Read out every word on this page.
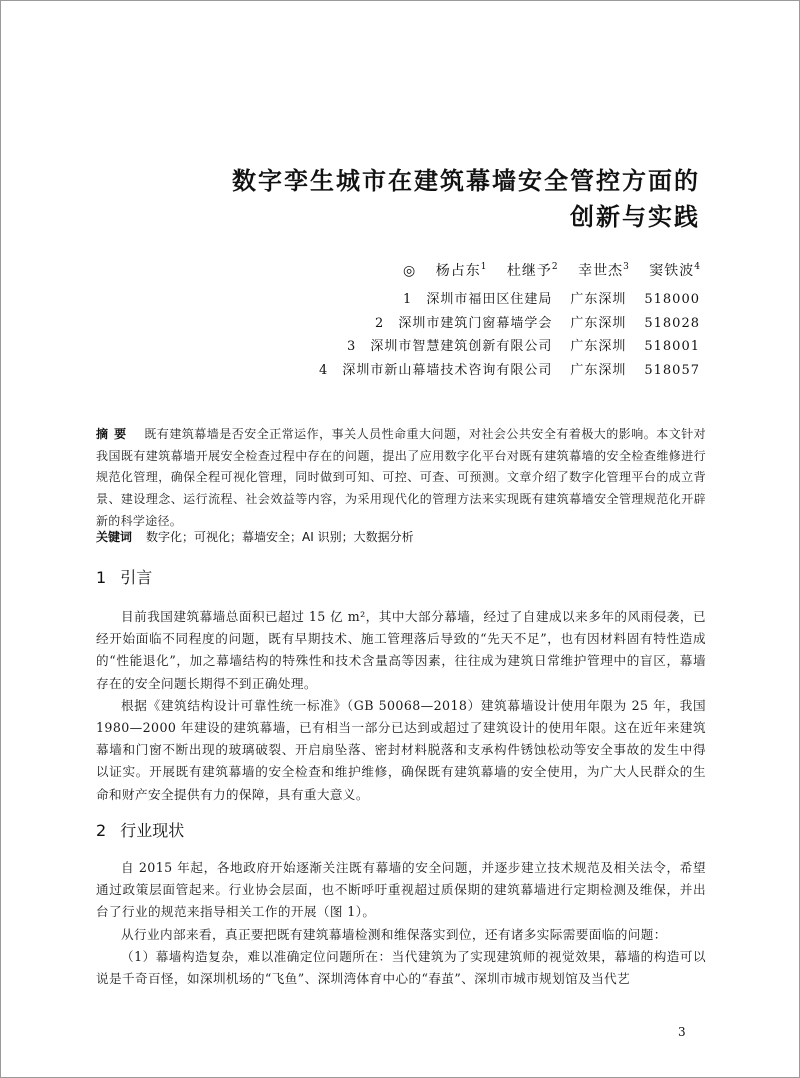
数字孪生城市在建筑幕墙安全管控方面的
创新与实践
◎ 杨占东$^1$ 杜继予$^2$ 幸世杰$^3$ 窦铁波$^4$
1 深圳市福田区住建局 广东深圳 518000
2 深圳市建筑门窗幕墙学会 广东深圳 518028
3 深圳市智慧建筑创新有限公司 广东深圳 518001
4 深圳市新山幕墙技术咨询有限公司 广东深圳 518057
摘要 既有建筑幕墙是否安全正常运作，事关人员性命重大问题，对社会公共安全有着极大的影响。本文针对我国既有建筑幕墙开展安全检查过程中存在的问题，提出了应用数字化平台对既有建筑幕墙的安全检查维修进行规范化管理，确保全程可视化管理，同时做到可知、可控、可查、可预测。文章介绍了数字化管理平台的成立背景、建设理念、运行流程、社会效益等内容，为采用现代化的管理方法来实现既有建筑幕墙安全管理规范化开辟新的科学途径。
关键词 数字化；可视化；幕墙安全；AI 识别；大数据分析
1 引言

目前我国建筑幕墙总面积已超过 15 亿 m²，其中大部分幕墙，经过了自建成以来多年的风雨侵袭，已经开始面临不同程度的问题，既有早期技术、施工管理落后导致的“先天不足”，也有因材料固有特性造成的“性能退化”，加之幕墙结构的特殊性和技术含量高等因素，往往成为建筑日常维护管理中的盲区，幕墙存在的安全问题长期得不到正确处理。

根据《建筑结构设计可靠性统一标准》（GB 50068—2018）建筑幕墙设计使用年限为 25 年，我国 1980—2000 年建设的建筑幕墙，已有相当一部分已达到或超过了建筑设计的使用年限。这在近年来建筑幕墙和门窗不断出现的玻璃破裂、开启扇坠落、密封材料脱落和支承构件锈蚀松动等安全事故的发生中得以证实。开展既有建筑幕墙的安全检查和维护维修，确保既有建筑幕墙的安全使用，为广大人民群众的生命和财产安全提供有力的保障，具有重大意义。

2 行业现状

自 2015 年起，各地政府开始逐渐关注既有幕墙的安全问题，并逐步建立技术规范及相关法令，希望通过政策层面管起来。行业协会层面，也不断呼吁重视超过质保期的建筑幕墙进行定期检测及维保，并出台了行业的规范来指导相关工作的开展（图 1）。

从行业内部来看，真正要把既有建筑幕墙检测和维保落实到位，还有诸多实际需要面临的问题：

（1）幕墙构造复杂，难以准确定位问题所在：当代建筑为了实现建筑师的视觉效果，幕墙的构造可以说是千奇百怪，如深圳机场的“飞鱼”、深圳湾体育中心的“春茧”、深圳市城市规划馆及当代艺

3
